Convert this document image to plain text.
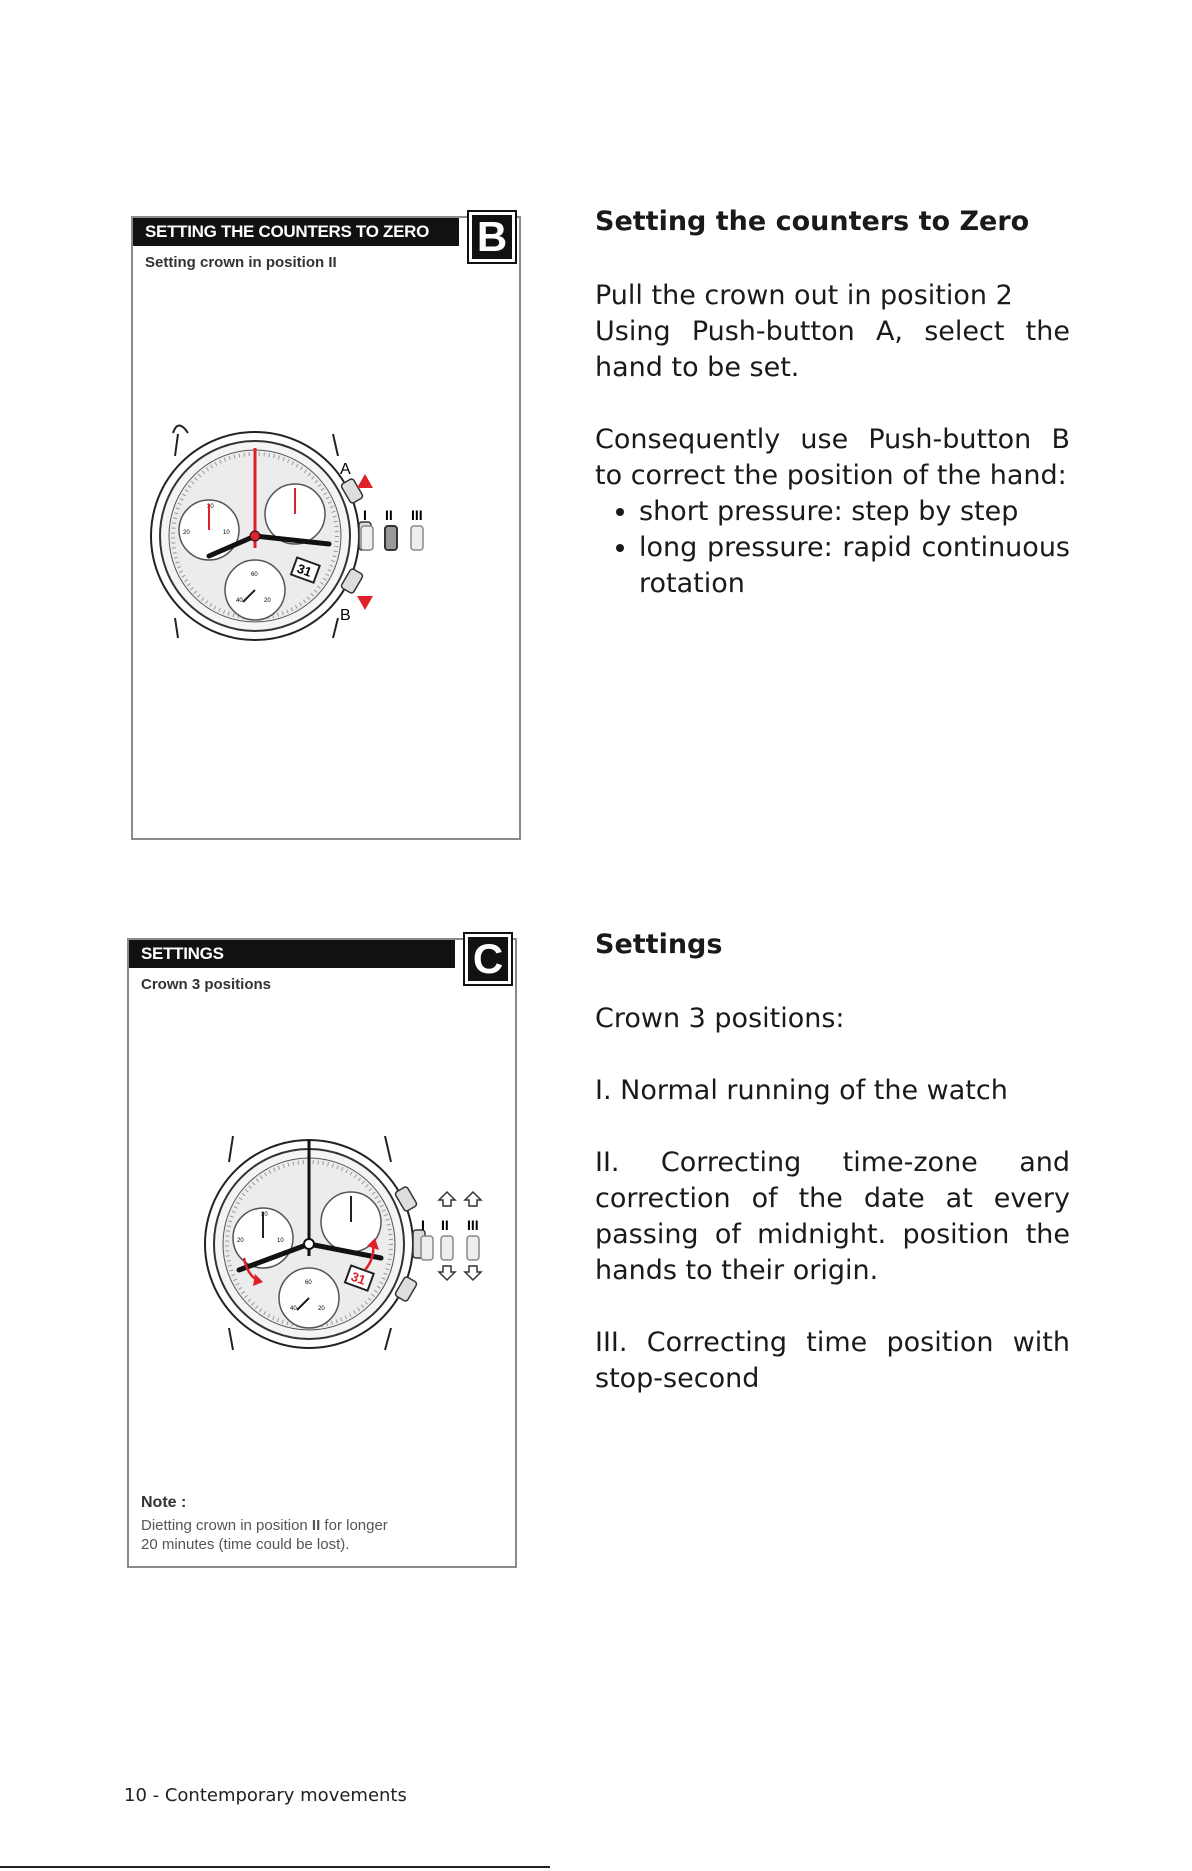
SETTING THE COUNTERS TO ZERO	B
Setting crown in position II
30
20	10
60
40	20
31
A
B
I II III
SETTINGS	C
Crown 3 positions
30
20	10
60
40	20
31
I II III
Note :
Dietting crown in position II for longer
20 minutes (time could be lost).
Setting the counters to Zero

Pull the crown out in position 2

Using Push-button A, select the hand to be set.

Consequently use Push-button B to correct the position of the hand:

• short pressure: step by step
• long pressure: rapid continuous rotation
Settings

Crown 3 positions:

I. Normal running of the watch

II. Correcting time-zone and correction of the date at every passing of midnight. position the hands to their origin.

III. Correcting time position with stop-second

10 - Contemporary movements
